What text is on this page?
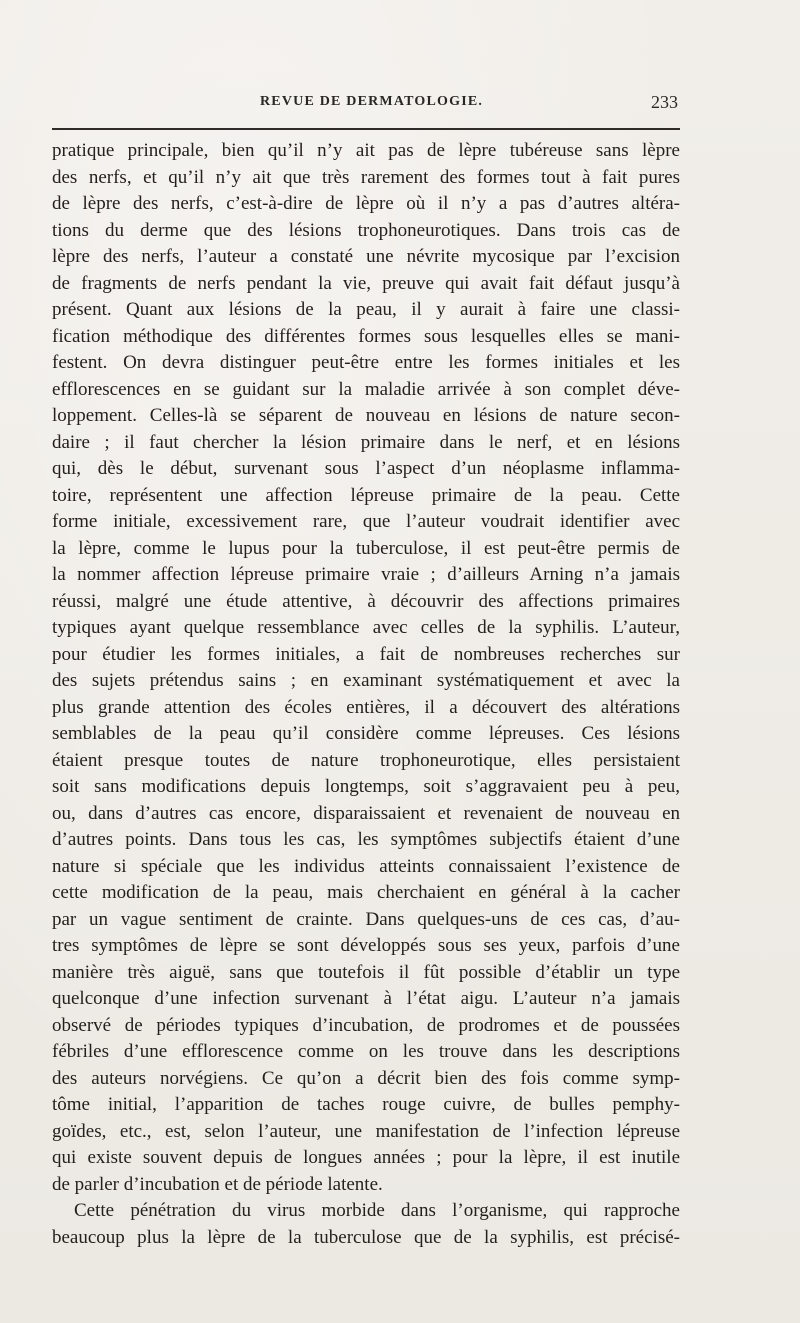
REVUE DE DERMATOLOGIE.	233
pratique principale, bien qu’il n’y ait pas de lèpre tubéreuse sans lèpre
des nerfs, et qu’il n’y ait que très rarement des formes tout à fait pures
de lèpre des nerfs, c’est-à-dire de lèpre où il n’y a pas d’autres altéra-
tions du derme que des lésions trophoneurotiques. Dans trois cas de
lèpre des nerfs, l’auteur a constaté une névrite mycosique par l’excision
de fragments de nerfs pendant la vie, preuve qui avait fait défaut jusqu’à
présent. Quant aux lésions de la peau, il y aurait à faire une classi-
fication méthodique des différentes formes sous lesquelles elles se mani-
festent. On devra distinguer peut-être entre les formes initiales et les
efflorescences en se guidant sur la maladie arrivée à son complet déve-
loppement. Celles-là se séparent de nouveau en lésions de nature secon-
daire ; il faut chercher la lésion primaire dans le nerf, et en lésions
qui, dès le début, survenant sous l’aspect d’un néoplasme inflamma-
toire, représentent une affection lépreuse primaire de la peau. Cette
forme initiale, excessivement rare, que l’auteur voudrait identifier avec
la lèpre, comme le lupus pour la tuberculose, il est peut-être permis de
la nommer affection lépreuse primaire vraie ; d’ailleurs Arning n’a jamais
réussi, malgré une étude attentive, à découvrir des affections primaires
typiques ayant quelque ressemblance avec celles de la syphilis. L’auteur,
pour étudier les formes initiales, a fait de nombreuses recherches sur
des sujets prétendus sains ; en examinant systématiquement et avec la
plus grande attention des écoles entières, il a découvert des altérations
semblables de la peau qu’il considère comme lépreuses. Ces lésions
étaient presque toutes de nature trophoneurotique, elles persistaient
soit sans modifications depuis longtemps, soit s’aggravaient peu à peu,
ou, dans d’autres cas encore, disparaissaient et revenaient de nouveau en
d’autres points. Dans tous les cas, les symptômes subjectifs étaient d’une
nature si spéciale que les individus atteints connaissaient l’existence de
cette modification de la peau, mais cherchaient en général à la cacher
par un vague sentiment de crainte. Dans quelques-uns de ces cas, d’au-
tres symptômes de lèpre se sont développés sous ses yeux, parfois d’une
manière très aiguë, sans que toutefois il fût possible d’établir un type
quelconque d’une infection survenant à l’état aigu. L’auteur n’a jamais
observé de périodes typiques d’incubation, de prodromes et de poussées
fébriles d’une efflorescence comme on les trouve dans les descriptions
des auteurs norvégiens. Ce qu’on a décrit bien des fois comme symp-
tôme initial, l’apparition de taches rouge cuivre, de bulles pemphy-
goïdes, etc., est, selon l’auteur, une manifestation de l’infection lépreuse
qui existe souvent depuis de longues années ; pour la lèpre, il est inutile
de parler d’incubation et de période latente.
Cette pénétration du virus morbide dans l’organisme, qui rapproche
beaucoup plus la lèpre de la tuberculose que de la syphilis, est précisé-
